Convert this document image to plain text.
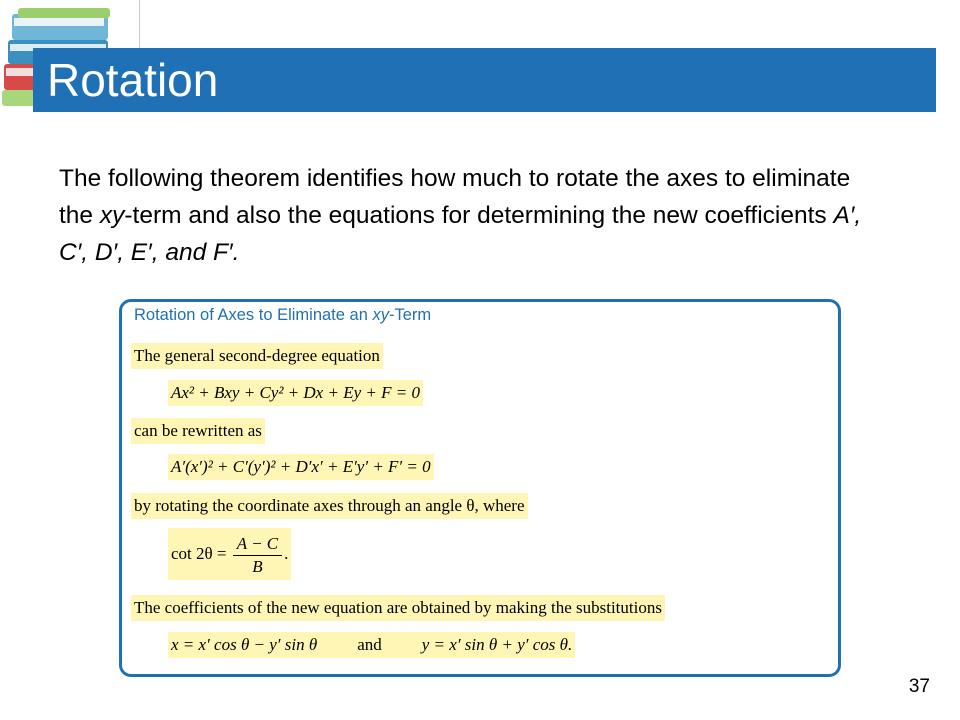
Rotation
The following theorem identifies how much to rotate the axes to eliminate the xy-term and also the equations for determining the new coefficients A′, C′, D′, E′, and F′.
Rotation of Axes to Eliminate an xy-Term
The general second-degree equation
Ax² + Bxy + Cy² + Dx + Ey + F = 0
can be rewritten as
A′(x′)² + C′(y′)² + D′x′ + E′y′ + F′ = 0
by rotating the coordinate axes through an angle θ, where
$\cot 2\theta = \frac{A - C}{B}$ .
The coefficients of the new equation are obtained by making the substitutions
x = x′ cos θ − y′ sin θ and y = x′ sin θ + y′ cos θ.
37
